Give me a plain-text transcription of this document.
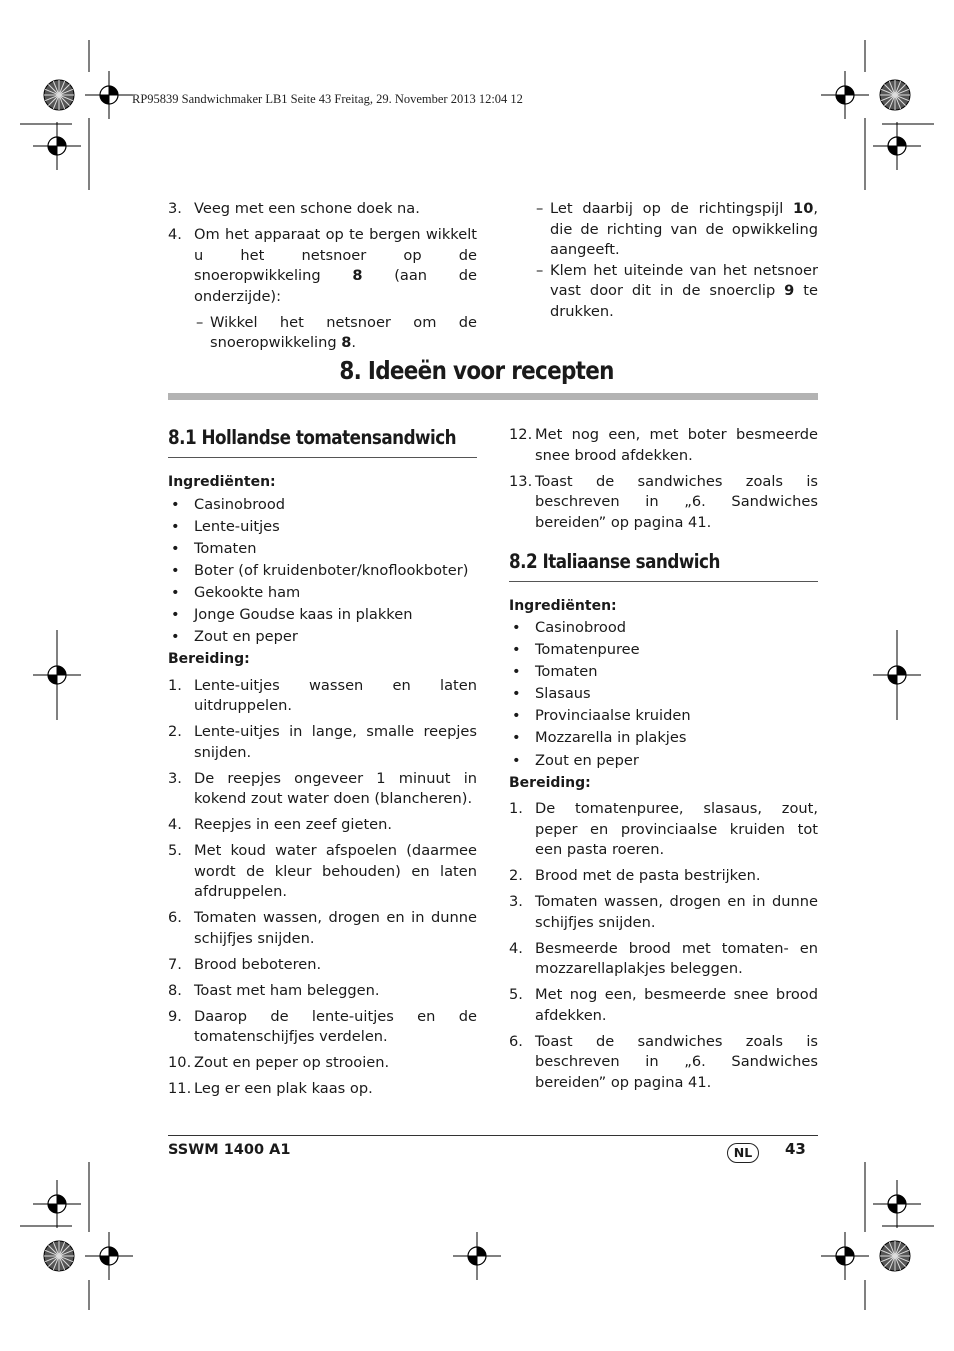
RP95839 Sandwichmaker LB1 Seite 43 Freitag, 29. November 2013 12:04 12
3. Veeg met een schone doek na.
4. Om het apparaat op te bergen wikkelt u het netsnoer op de snoeropwikkeling 8 (aan de onderzijde):
– Wikkel het netsnoer om de snoeropwikkeling 8.
– Let daarbij op de richtingspijl 10, die de richting van de opwikkeling aangeeft.
– Klem het uiteinde van het netsnoer vast door dit in de snoerclip 9 te drukken.
8. Ideeën voor recepten
8.1 Hollandse tomatensandwich
Ingrediënten:
• Casinobrood
• Lente-uitjes
• Tomaten
• Boter (of kruidenboter/knoflookboter)
• Gekookte ham
• Jonge Goudse kaas in plakken
• Zout en peper
Bereiding:
1. Lente-uitjes wassen en laten uitdruppelen.
2. Lente-uitjes in lange, smalle reepjes snijden.
3. De reepjes ongeveer 1 minuut in kokend zout water doen (blancheren).
4. Reepjes in een zeef gieten.
5. Met koud water afspoelen (daarmee wordt de kleur behouden) en laten afdruppelen.
6. Tomaten wassen, drogen en in dunne schijfjes snijden.
7. Brood beboteren.
8. Toast met ham beleggen.
9. Daarop de lente-uitjes en de tomatenschijfjes verdelen.
10. Zout en peper op strooien.
11. Leg er een plak kaas op.
12. Met nog een, met boter besmeerde snee brood afdekken.
13. Toast de sandwiches zoals is beschreven in „6. Sandwiches bereiden” op pagina 41.
8.2 Italiaanse sandwich
Ingrediënten:
• Casinobrood
• Tomatenpuree
• Tomaten
• Slasaus
• Provinciaalse kruiden
• Mozzarella in plakjes
• Zout en peper
Bereiding:
1. De tomatenpuree, slasaus, zout, peper en provinciaalse kruiden tot een pasta roeren.
2. Brood met de pasta bestrijken.
3. Tomaten wassen, drogen en in dunne schijfjes snijden.
4. Besmeerde brood met tomaten- en mozzarellaplakjes beleggen.
5. Met nog een, besmeerde snee brood afdekken.
6. Toast de sandwiches zoals is beschreven in „6. Sandwiches bereiden” op pagina 41.
SSWM 1400 A1	NL	43
